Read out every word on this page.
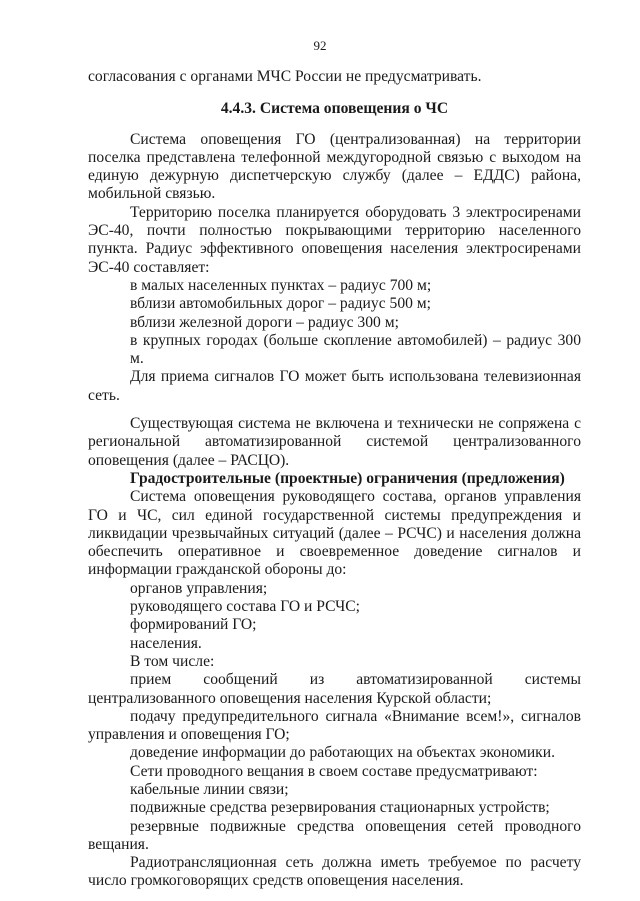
92

согласования с органами МЧС России не предусматривать.

4.4.3. Система оповещения о ЧС

Система оповещения ГО (централизованная) на территории поселка представлена телефонной междугородной связью с выходом на единую дежурную диспетчерскую службу (далее – ЕДДС) района, мобильной связью.

Территорию поселка планируется оборудовать 3 электросиренами ЭС-40, почти полностью покрывающими территорию населенного пункта. Радиус эффективного оповещения населения электросиренами ЭС-40 составляет:

в малых населенных пунктах – радиус 700 м;

вблизи автомобильных дорог – радиус 500 м;

вблизи железной дороги – радиус 300 м;

в крупных городах (больше скопление автомобилей) – радиус 300 м.

Для приема сигналов ГО может быть использована телевизионная сеть.

Существующая система не включена и технически не сопряжена с региональной автоматизированной системой централизованного оповещения (далее – РАСЦО).

Градостроительные (проектные) ограничения (предложения)

Система оповещения руководящего состава, органов управления ГО и ЧС, сил единой государственной системы предупреждения и ликвидации чрезвычайных ситуаций (далее – РСЧС) и населения должна обеспечить оперативное и своевременное доведение сигналов и информации гражданской обороны до:

органов управления;

руководящего состава ГО и РСЧС;

формирований ГО;

населения.

В том числе:

прием сообщений из автоматизированной системы централизованного оповещения населения Курской области;

подачу предупредительного сигнала «Внимание всем!», сигналов управления и оповещения ГО;

доведение информации до работающих на объектах экономики.

Сети проводного вещания в своем составе предусматривают:

кабельные линии связи;

подвижные средства резервирования стационарных устройств;

резервные подвижные средства оповещения сетей проводного вещания.

Радиотрансляционная сеть должна иметь требуемое по расчету число громкоговорящих средств оповещения населения.
